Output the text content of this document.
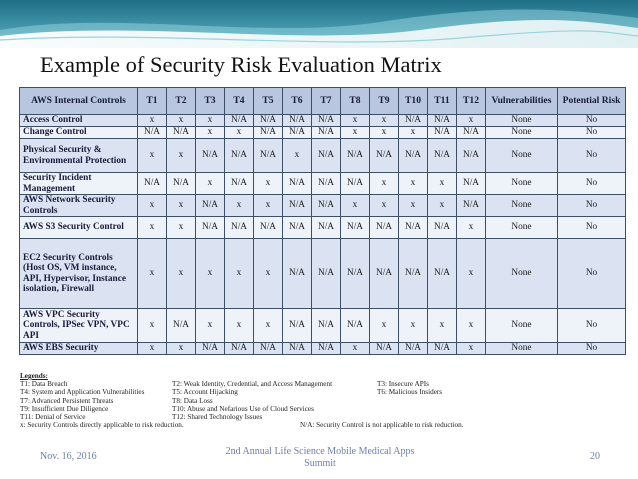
Example of Security Risk Evaluation Matrix
AWS Internal Controls	T1	T2	T3	T4	T5	T6	T7	T8	T9	T10	T11	T12	Vulnerabilities	Potential Risk
Access Control	x	x	x	N/A	N/A	N/A	N/A	x	x	N/A	N/A	x	None	No
Change Control	N/A	N/A	x	x	N/A	N/A	N/A	x	x	x	N/A	N/A	None	No
Physical Security & Environmental Protection	x	x	N/A	N/A	N/A	x	N/A	N/A	N/A	N/A	N/A	N/A	None	No
Security Incident Management	N/A	N/A	x	N/A	x	N/A	N/A	N/A	x	x	x	N/A	None	No
AWS Network Security Controls	x	x	N/A	x	x	N/A	N/A	x	x	x	x	N/A	None	No
AWS S3 Security Control	x	x	N/A	N/A	N/A	N/A	N/A	N/A	N/A	N/A	N/A	x	None	No
EC2 Security Controls (Host OS, VM instance, API, Hypervisor, Instance isolation, Firewall	x	x	x	x	x	N/A	N/A	N/A	N/A	N/A	N/A	x	None	No
AWS VPC Security Controls, IPSec VPN, VPC API	x	N/A	x	x	x	N/A	N/A	N/A	x	x	x	x	None	No
AWS EBS Security	x	x	N/A	N/A	N/A	N/A	N/A	x	N/A	N/A	N/A	x	None	No
Legends:
T1: Data Breach	T2: Weak Identity, Credential, and Access Management	T3: Insecure APIs
T4: System and Application Vulnerabilities	T5: Account Hijacking	T6: Malicious Insiders
T7: Advanced Persistent Threats	T8: Data Loss
T9: Insufficient Due Diligence	T10: Abuse and Nefarious Use of Cloud Services
T11: Denial of Service	T12: Shared Technology Issues
x: Security Controls directly applicable to risk reduction.	N/A: Security Control is not applicable to risk reduction.
Nov. 16, 2016	2nd Annual Life Science Mobile Medical Apps Summit
20
